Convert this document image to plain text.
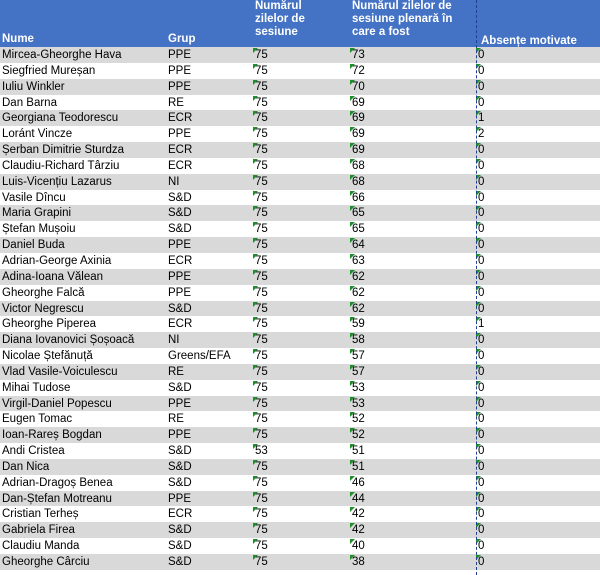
Nume	Grup
Numărul
zilelor de
sesiune
Numărul zilelor de
sesiune plenară în
care a fost
Absențe motivate
Mircea-Gheorghe Hava	PPE	75	73	0
Siegfried Mureșan	PPE	75	72	0
Iuliu Winkler	PPE	75	70	0
Dan Barna	RE	75	69	0
Georgiana Teodorescu	ECR	75	69	1
Loránt Vincze	PPE	75	69	2
Șerban Dimitrie Sturdza	ECR	75	69	0
Claudiu-Richard Târziu	ECR	75	68	0
Luis-Vicențiu Lazarus	NI	75	68	0
Vasile Dîncu	S&D	75	66	0
Maria Grapini	S&D	75	65	0
Ștefan Mușoiu	S&D	75	65	0
Daniel Buda	PPE	75	64	0
Adrian-George Axinia	ECR	75	63	0
Adina-Ioana Vălean	PPE	75	62	0
Gheorghe Falcă	PPE	75	62	0
Victor Negrescu	S&D	75	62	0
Gheorghe Piperea	ECR	75	59	1
Diana Iovanovici Șoșoacă	NI	75	58	0
Nicolae Ștefănuță	Greens/EFA 75	57	0
Vlad Vasile-Voiculescu	RE	75	57	0
Mihai Tudose	S&D	75	53	0
Virgil-Daniel Popescu	PPE	75	53	0
Eugen Tomac	RE	75	52	0
Ioan-Rareș Bogdan	PPE	75	52	0
Andi Cristea	S&D	53	51	0
Dan Nica	S&D	75	51	0
Adrian-Dragoș Benea	S&D	75	46	0
Dan-Ștefan Motreanu	PPE	75	44	0
Cristian Terheș	ECR	75	42	0
Gabriela Firea	S&D	75	42	0
Claudiu Manda	S&D	75	40	0
Gheorghe Cârciu	S&D	75	38	0
